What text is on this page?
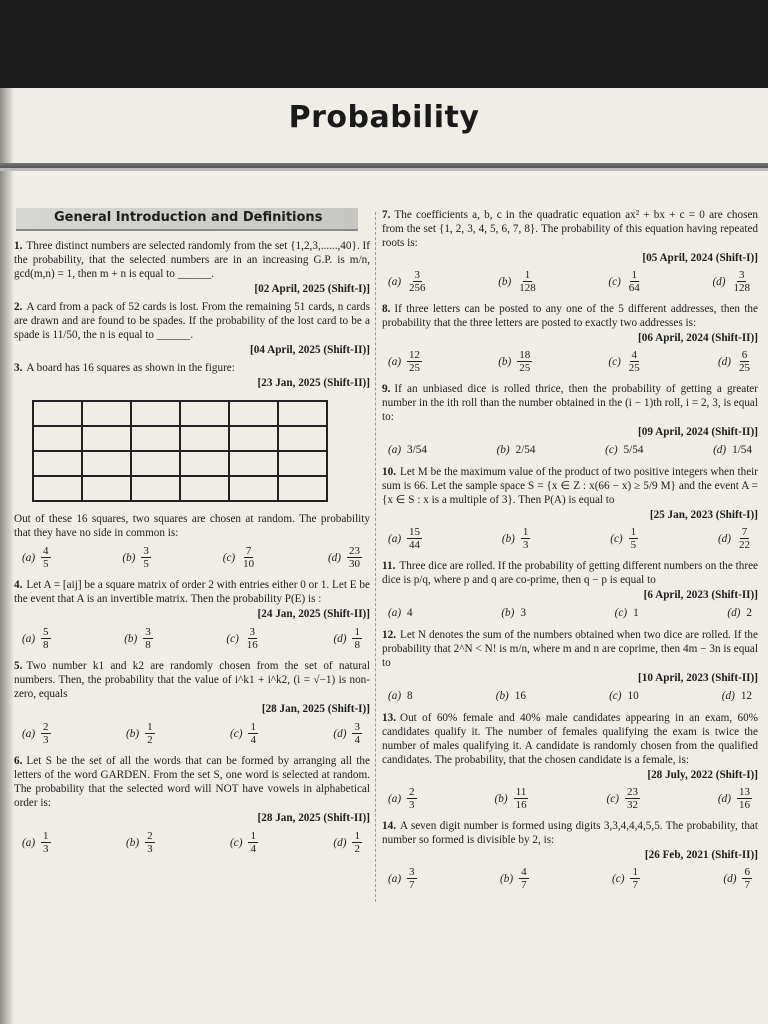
Probability
General Introduction and Definitions
1. Three distinct numbers are selected randomly from the set {1,2,3,......,40}. If the probability, that the selected numbers are in an increasing G.P. is m/n, gcd(m,n) = 1, then m + n is equal to ______.
[02 April, 2025 (Shift-I)]
2. A card from a pack of 52 cards is lost. From the remaining 51 cards, n cards are drawn and are found to be spades. If the probability of the lost card to be a spade is 11/50, the n is equal to ______.
[04 April, 2025 (Shift-II)]
3. A board has 16 squares as shown in the figure:
[23 Jan, 2025 (Shift-II)]
Out of these 16 squares, two squares are chosen at random. The probability that they have no side in common is:
$(a) \frac{4}{5}$	$(b) \frac{3}{5}$	$(c) \frac{7}{10}$	$(d) \frac{23}{30}$
4. Let A = [aij] be a square matrix of order 2 with entries either 0 or 1. Let E be the event that A is an invertible matrix. Then the probability P(E) is :
[24 Jan, 2025 (Shift-II)]
$(a) \frac{5}{8}$	$(b) \frac{3}{8}$	$(c) \frac{3}{16}$	$(d) \frac{1}{8}$
5. Two number k1 and k2 are randomly chosen from the set of natural numbers. Then, the probability that the value of i^k1 + i^k2, (i = √−1) is non-zero, equals
[28 Jan, 2025 (Shift-I)]
$(a) \frac{2}{3}$	$(b) \frac{1}{2}$	$(c) \frac{1}{4}$	$(d) \frac{3}{4}$
6. Let S be the set of all the words that can be formed by arranging all the letters of the word GARDEN. From the set S, one word is selected at random. The probability that the selected word will NOT have vowels in alphabetical order is:
[28 Jan, 2025 (Shift-II)]
$(a) \frac{1}{3}$	$(b) \frac{2}{3}$	$(c) \frac{1}{4}$	$(d) \frac{1}{2}$
7. The coefficients a, b, c in the quadratic equation ax² + bx + c = 0 are chosen from the set {1, 2, 3, 4, 5, 6, 7, 8}. The probability of this equation having repeated roots is:
[05 April, 2024 (Shift-I)]
$(a) \frac{3}{256}$	$(b) \frac{1}{128}$	$(c) \frac{1}{64}$	$(d) \frac{3}{128}$
8. If three letters can be posted to any one of the 5 different addresses, then the probability that the three letters are posted to exactly two addresses is:
[06 April, 2024 (Shift-II)]
$(a) \frac{12}{25}$	$(b) \frac{18}{25}$	$(c) \frac{4}{25}$	$(d) \frac{6}{25}$
9. If an unbiased dice is rolled thrice, then the probability of getting a greater number in the ith roll than the number obtained in the (i − 1)th roll, i = 2, 3, is equal to:
[09 April, 2024 (Shift-II)]
(a) 3/54	(b) 2/54	(c) 5/54	(d) 1/54
10. Let M be the maximum value of the product of two positive integers when their sum is 66. Let the sample space S = {x ∈ Z : x(66 − x) ≥ 5/9 M} and the event A = {x ∈ S : x is a multiple of 3}. Then P(A) is equal to
[25 Jan, 2023 (Shift-I)]
$(a) \frac{15}{44}$	$(b) \frac{1}{3}$	$(c) \frac{1}{5}$	$(d) \frac{7}{22}$
11. Three dice are rolled. If the probability of getting different numbers on the three dice is p/q, where p and q are co-prime, then q − p is equal to
[6 April, 2023 (Shift-II)]
(a) 4	(b) 3	(c) 1	(d) 2
12. Let N denotes the sum of the numbers obtained when two dice are rolled. If the probability that 2^N < N! is m/n, where m and n are coprime, then 4m − 3n is equal to
[10 April, 2023 (Shift-II)]
(a) 8	(b) 16	(c) 10	(d) 12
13. Out of 60% female and 40% male candidates appearing in an exam, 60% candidates qualify it. The number of females qualifying the exam is twice the number of males qualifying it. A candidate is randomly chosen from the qualified candidates. The probability, that the chosen candidate is a female, is:
[28 July, 2022 (Shift-I)]
$(a) \frac{2}{3}$	$(b) \frac{11}{16}$	$(c) \frac{23}{32}$	$(d) \frac{13}{16}$
14. A seven digit number is formed using digits 3,3,4,4,4,5,5. The probability, that number so formed is divisible by 2, is:
[26 Feb, 2021 (Shift-II)]
$(a) \frac{3}{7}$	$(b) \frac{4}{7}$	$(c) \frac{1}{7}$	$(d) \frac{6}{7}$
